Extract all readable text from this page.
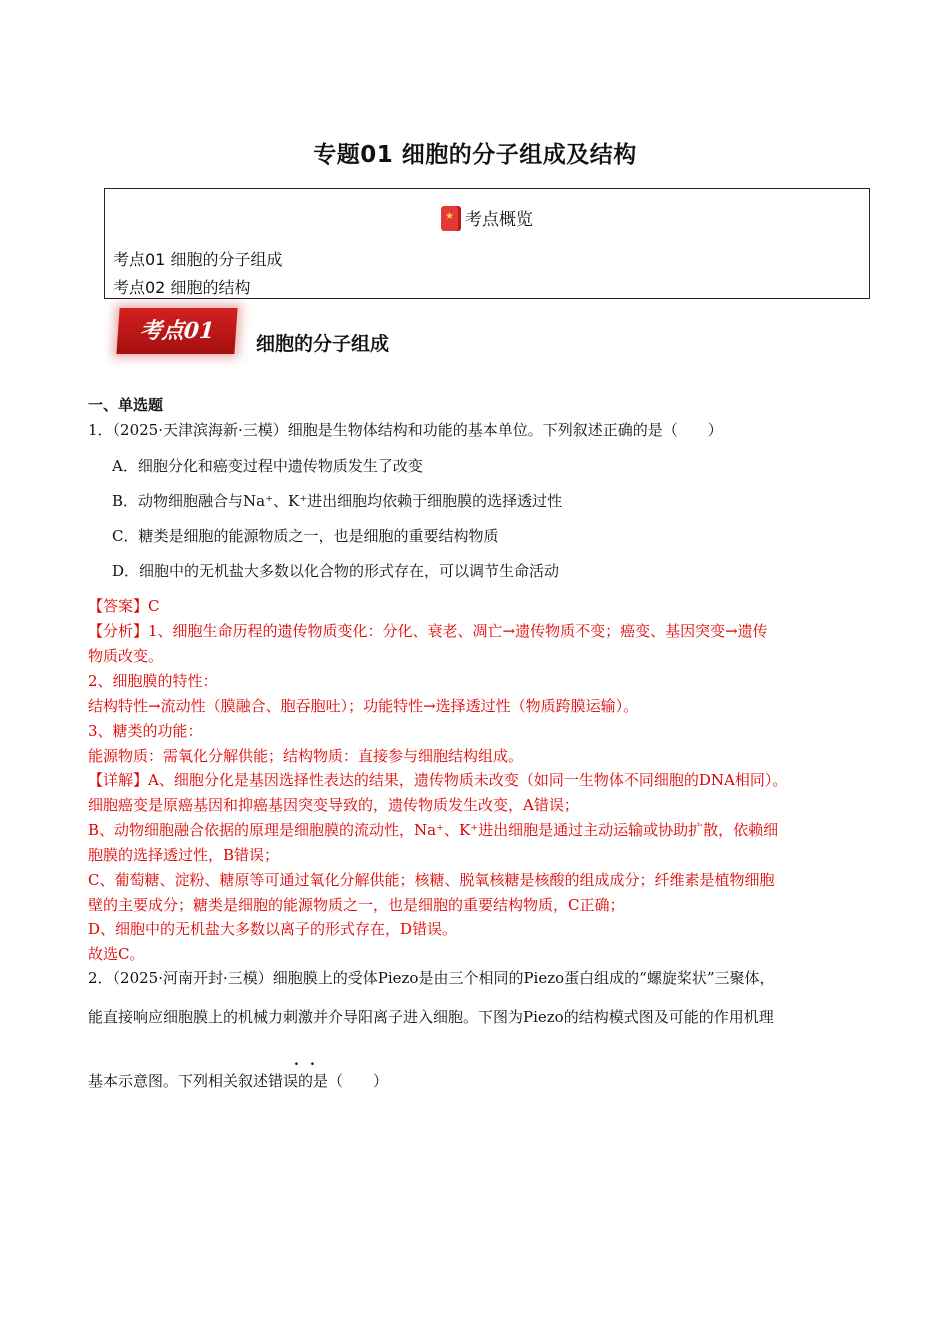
专题01 细胞的分子组成及结构
★考点概览
考点01 细胞的分子组成
考点02 细胞的结构
考点01	细胞的分子组成
一、单选题
1．（2025·天津滨海新·三模）细胞是生物体结构和功能的基本单位。下列叙述正确的是（　　）
A．细胞分化和癌变过程中遗传物质发生了改变
B．动物细胞融合与Na⁺、K⁺进出细胞均依赖于细胞膜的选择透过性
C．糖类是细胞的能源物质之一，也是细胞的重要结构物质
D．细胞中的无机盐大多数以化合物的形式存在，可以调节生命活动
【答案】C
【分析】1、细胞生命历程的遗传物质变化：分化、衰老、凋亡→遗传物质不变；癌变、基因突变→遗传
物质改变。
2、细胞膜的特性：
结构特性→流动性（膜融合、胞吞胞吐）；功能特性→选择透过性（物质跨膜运输）。
3、糖类的功能：
能源物质：需氧化分解供能；结构物质：直接参与细胞结构组成。
【详解】A、细胞分化是基因选择性表达的结果，遗传物质未改变（如同一生物体不同细胞的DNA相同）。
细胞癌变是原癌基因和抑癌基因突变导致的，遗传物质发生改变，A错误；
B、动物细胞融合依据的原理是细胞膜的流动性，Na⁺、K⁺进出细胞是通过主动运输或协助扩散，依赖细
胞膜的选择透过性，B错误；
C、葡萄糖、淀粉、糖原等可通过氧化分解供能；核糖、脱氧核糖是核酸的组成成分；纤维素是植物细胞
壁的主要成分；糖类是细胞的能源物质之一，也是细胞的重要结构物质，C正确；
D、细胞中的无机盐大多数以离子的形式存在，D错误。
故选C。
2．（2025·河南开封·三模）细胞膜上的受体Piezo是由三个相同的Piezo蛋白组成的“螺旋桨状”三聚体，
能直接响应细胞膜上的机械力刺激并介导阳离子进入细胞。下图为Piezo的结构模式图及可能的作用机理
. .
基本示意图。下列相关叙述错误的是（　　）
